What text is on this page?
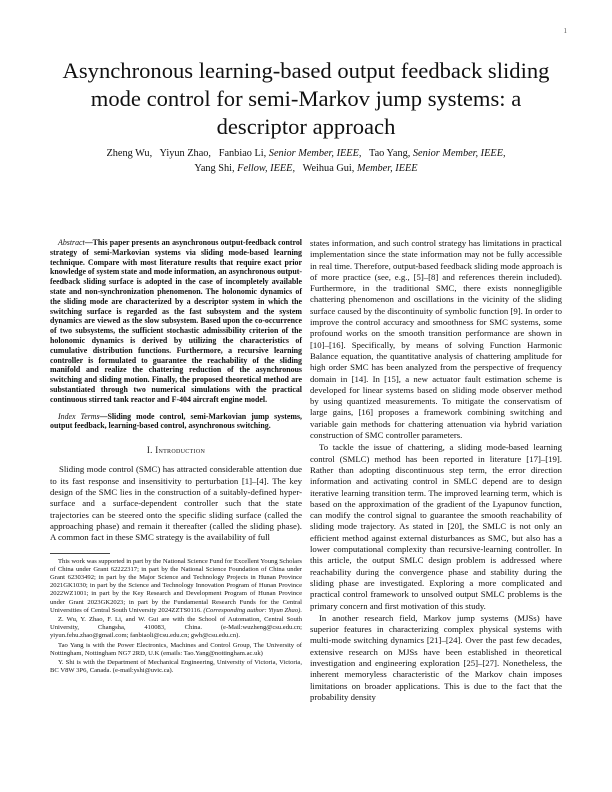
1
Asynchronous learning-based output feedback sliding mode control for semi-Markov jump systems: a descriptor approach

Zheng Wu, Yiyun Zhao, Fanbiao Li, Senior Member, IEEE, Tao Yang, Senior Member, IEEE,

Yang Shi, Fellow, IEEE, Weihua Gui, Member, IEEE

Abstract—This paper presents an asynchronous output-feedback control strategy of semi-Markovian systems via sliding mode-based learning technique. Compare with most literature results that require exact prior knowledge of system state and mode information, an asynchronous output-feedback sliding surface is adopted in the case of incompletely available state and non-synchronization phenomenon. The holonomic dynamics of the sliding mode are characterized by a descriptor system in which the switching surface is regarded as the fast subsystem and the system dynamics are viewed as the slow subsystem. Based upon the co-occurrence of two subsystems, the sufficient stochastic admissibility criterion of the holonomic dynamics is derived by utilizing the characteristics of cumulative distribution functions. Furthermore, a recursive learning controller is formulated to guarantee the reachability of the sliding manifold and realize the chattering reduction of the asynchronous switching and sliding motion. Finally, the proposed theoretical method are substantiated through two numerical simulations with the practical continuous stirred tank reactor and F-404 aircraft engine model.

Index Terms—Sliding mode control, semi-Markovian jump systems, output feedback, learning-based control, asynchronous switching.

I. Introduction

Sliding mode control (SMC) has attracted considerable attention due to its fast response and insensitivity to perturbation [1]–[4]. The key design of the SMC lies in the construction of a suitably-defined hyper-surface and a surface-dependent controller such that the state trajectories can be steered onto the specific sliding surface (called the approaching phase) and remain it thereafter (called the sliding phase). A common fact in these SMC strategy is the availability of full

This work was supported in part by the National Science Fund for Excellent Young Scholars of China under Grant 62222317; in part by the National Science Foundation of China under Grant 62303492; in part by the Major Science and Technology Projects in Hunan Province 2021GK1030; in part by the Science and Technology Innovation Program of Hunan Province 2022WZ1001; in part by the Key Research and Development Program of Hunan Province under Grant 2023GK2023; in part by the Fundamental Research Funds for the Central Universities of Central South University 2024ZZTS0116. (Corresponding author: Yiyun Zhao).

Z. Wu, Y. Zhao, F. Li, and W. Gui are with the School of Automation, Central South University, Changsha, 410083, China. (e-Mail:wuzheng@csu.edu.cn; yiyun.fehu.zhao@gmail.com; fanbiaoli@csu.edu.cn; gwh@csu.edu.cn).

Tao Yang is with the Power Electronics, Machines and Control Group, The University of Nottingham, Nottingham NG7 2RD, U.K (emails: Tao.Yang@nottingham.ac.uk)

Y. Shi is with the Department of Mechanical Engineering, University of Victoria, Victoria, BC V8W 3P6, Canada. (e-mail:yshi@uvic.ca).

states information, and such control strategy has limitations in practical implementation since the state information may not be fully accessible in real time. Therefore, output-based feedback sliding mode approach is of more practice (see, e.g., [5]–[8] and references therein included). Furthermore, in the traditional SMC, there exists nonnegligible chattering phenomenon and oscillations in the vicinity of the sliding surface caused by the discontinuity of symbolic function [9]. In order to improve the control accuracy and smoothness for SMC systems, some profound works on the smooth transition performance are shown in [10]–[16]. Specifically, by means of solving Function Harmonic Balance equation, the quantitative analysis of chattering amplitude for high order SMC has been analyzed from the perspective of frequency domain in [14]. In [15], a new actuator fault estimation scheme is developed for linear systems based on sliding mode observer method by using quantized measurements. To mitigate the conservatism of large gains, [16] proposes a framework combining switching and variable gain methods for chattering attenuation via hybrid variation construction of SMC controller parameters.

To tackle the issue of chattering, a sliding mode-based learning control (SMLC) method has been reported in literature [17]–[19]. Rather than adopting discontinuous step term, the error direction information and activating control in SMLC depend are to design iterative learning transition term. The improved learning term, which is based on the approximation of the gradient of the Lyapunov function, can modify the control signal to guarantee the smooth reachability of sliding mode trajectory. As stated in [20], the SMLC is not only an efficient method against external disturbances as SMC, but also has a lower computational complexity than recursive-learning controller. In this article, the output SMLC design problem is addressed where reachability during the convergence phase and stability during the sliding phase are investigated. Exploring a more complicated and practical control framework to unsolved output SMLC problems is the primary concern and first motivation of this study.

In another research field, Markov jump systems (MJSs) have superior features in characterizing complex physical systems with multi-mode switching dynamics [21]–[24]. Over the past few decades, extensive research on MJSs have been established in theoretical investigation and engineering exploration [25]–[27]. Nonetheless, the inherent memoryless characteristic of the Markov chain imposes limitations on broader applications. This is due to the fact that the probability density
